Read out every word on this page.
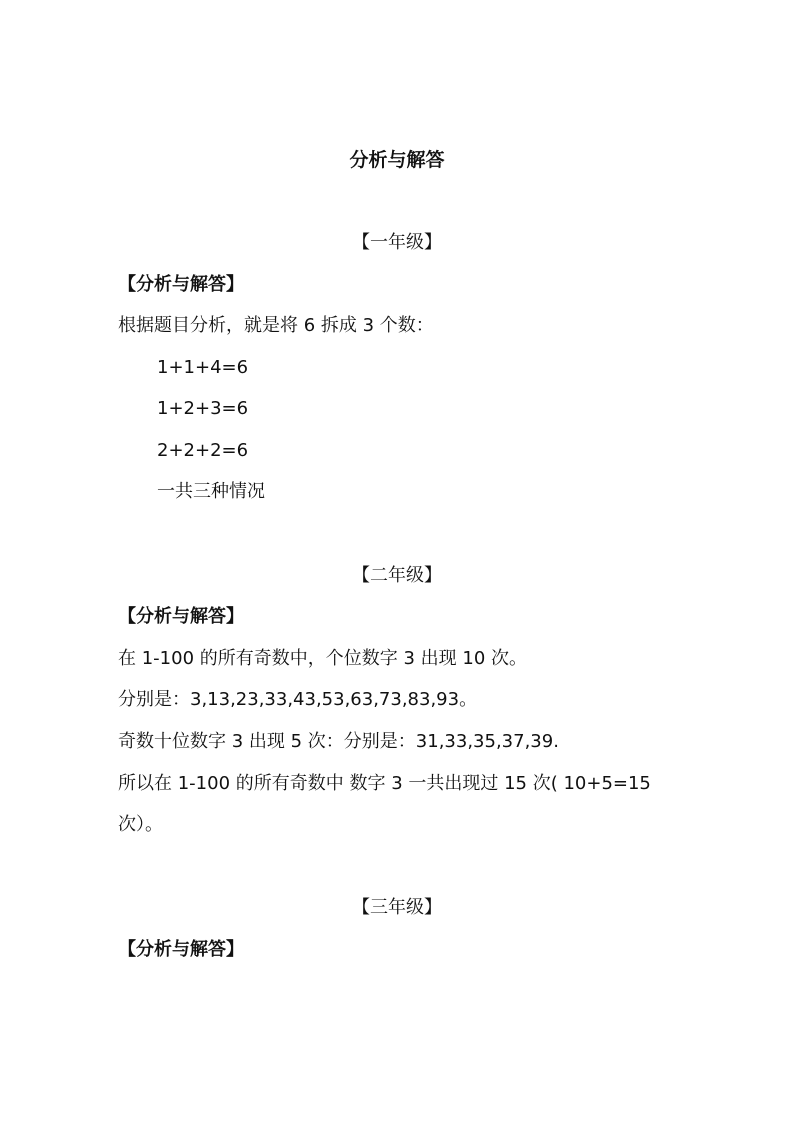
分析与解答
【一年级】
【分析与解答】
根据题目分析，就是将 6 拆成 3 个数：
1+1+4=6
1+2+3=6
2+2+2=6
一共三种情况
【二年级】
【分析与解答】
在 1-100 的所有奇数中，个位数字 3 出现 10 次。
分别是：3,13,23,33,43,53,63,73,83,93。
奇数十位数字 3 出现 5 次：分别是：31,33,35,37,39.
所以在 1-100 的所有奇数中 数字 3 一共出现过 15 次( 10+5=15
次）。
【三年级】
【分析与解答】
